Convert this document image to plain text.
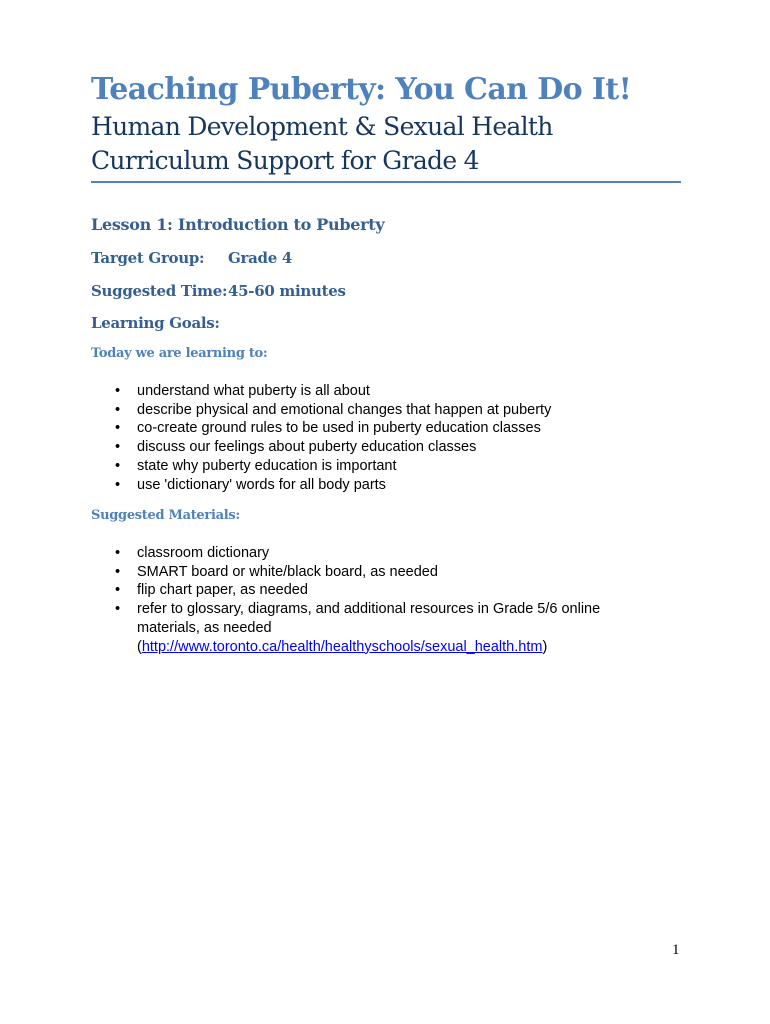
Teaching Puberty: You Can Do It!
Human Development & Sexual Health
Curriculum Support for Grade 4
Lesson 1: Introduction to Puberty
Target Group: Grade 4
Suggested Time: 45-60 minutes
Learning Goals:
Today we are learning to:
• understand what puberty is all about
• describe physical and emotional changes that happen at puberty
• co-create ground rules to be used in puberty education classes
• discuss our feelings about puberty education classes
• state why puberty education is important
• use 'dictionary' words for all body parts
Suggested Materials:
• classroom dictionary
• SMART board or white/black board, as needed
• flip chart paper, as needed
• refer to glossary, diagrams, and additional resources in Grade 5/6 online materials, as needed
(http://www.toronto.ca/health/healthyschools/sexual_health.htm)
1
